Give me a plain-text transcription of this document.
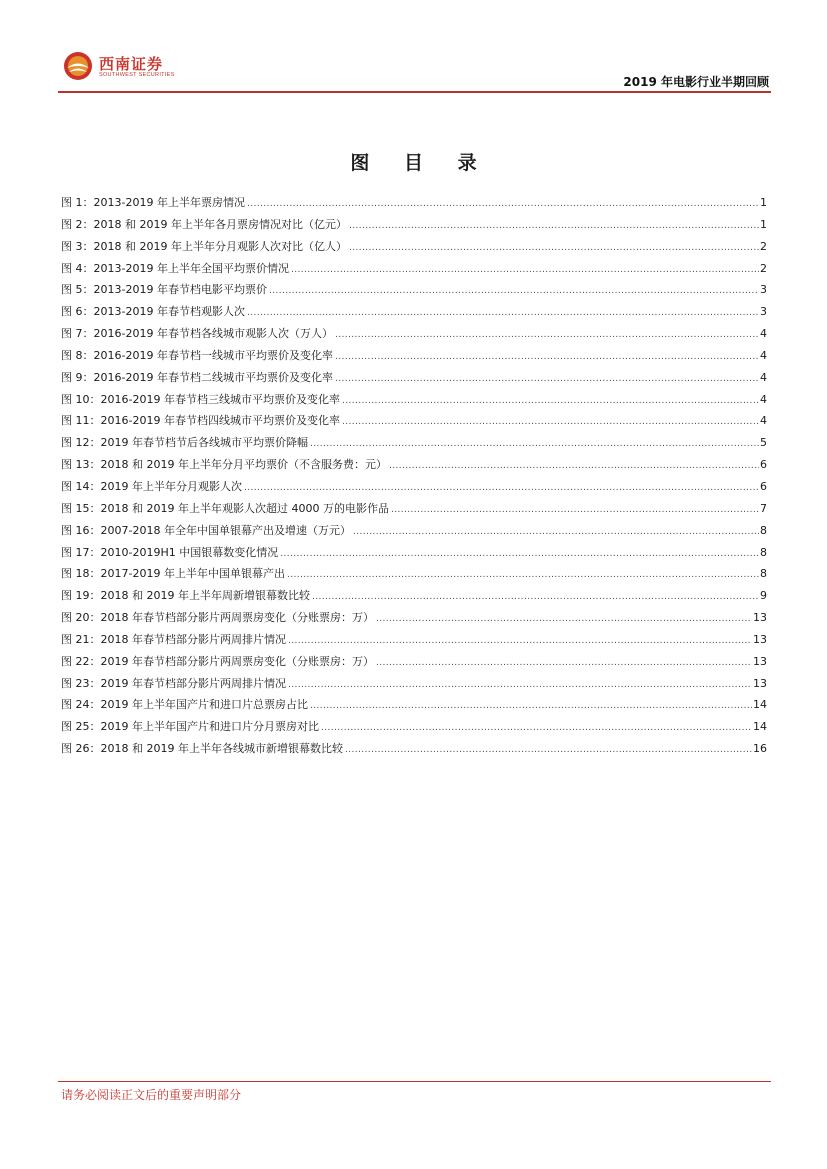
西南证券
SOUTHWEST SECURITIES	2019 年电影行业半期回顾
图 目 录
图 1：2013-2019 年上半年票房情况 .....	1
图 2：2018 和 2019 年上半年各月票房情况对比（亿元） .....	1
图 3：2018 和 2019 年上半年分月观影人次对比（亿人） .....	2
图 4：2013-2019 年上半年全国平均票价情况 .....	2
图 5：2013-2019 年春节档电影平均票价 .....	3
图 6：2013-2019 年春节档观影人次 .....	3
图 7：2016-2019 年春节档各线城市观影人次（万人） .....	4
图 8：2016-2019 年春节档一线城市平均票价及变化率 .....	4
图 9：2016-2019 年春节档二线城市平均票价及变化率 .....	4
图 10：2016-2019 年春节档三线城市平均票价及变化率 .....	4
图 11：2016-2019 年春节档四线城市平均票价及变化率 .....	4
图 12：2019 年春节档节后各线城市平均票价降幅 .....	5
图 13：2018 和 2019 年上半年分月平均票价（不含服务费：元） .....	6
图 14：2019 年上半年分月观影人次 .....	6
图 15：2018 和 2019 年上半年观影人次超过 4000 万的电影作品 .....	7
图 16：2007-2018 年全年中国单银幕产出及增速（万元） .....	8
图 17：2010-2019H1 中国银幕数变化情况 .....	8
图 18：2017-2019 年上半年中国单银幕产出 .....	8
图 19：2018 和 2019 年上半年周新增银幕数比较 .....	9
图 20：2018 年春节档部分影片两周票房变化（分账票房：万） .....	13
图 21：2018 年春节档部分影片两周排片情况 .....	13
图 22：2019 年春节档部分影片两周票房变化（分账票房：万） .....	13
图 23：2019 年春节档部分影片两周排片情况 .....	13
图 24：2019 年上半年国产片和进口片总票房占比 .....	14
图 25：2019 年上半年国产片和进口片分月票房对比 .....	14
图 26：2018 和 2019 年上半年各线城市新增银幕数比较 .....	16
请务必阅读正文后的重要声明部分
